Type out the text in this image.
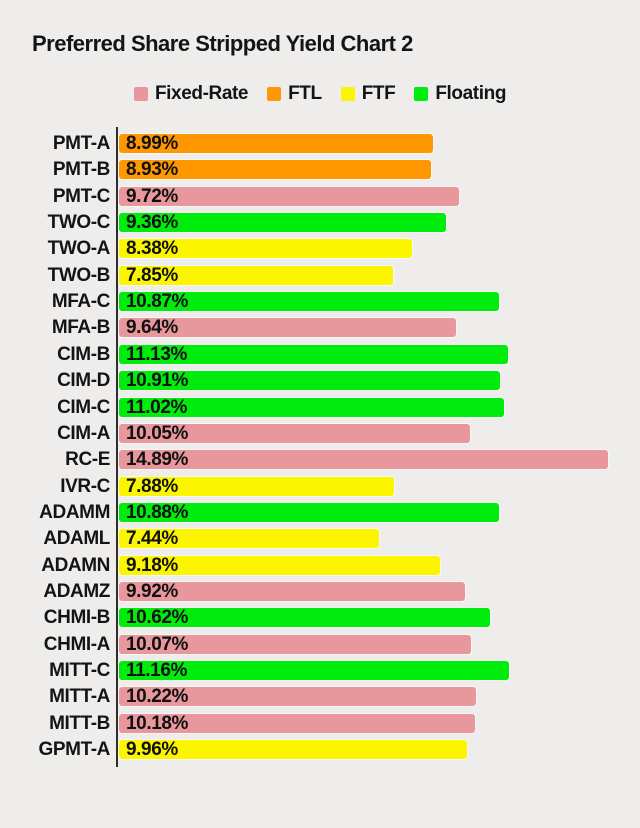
Preferred Share Stripped Yield Chart 2
Fixed-Rate FTL FTF Floating
PMT-A 8.99%
PMT-B 8.93%
PMT-C 9.72%
TWO-C 9.36%
TWO-A 8.38%
TWO-B 7.85%
MFA-C 10.87%
MFA-B 9.64%
CIM-B 11.13%
CIM-D 10.91%
CIM-C 11.02%
CIM-A 10.05%
RC-E 14.89%
IVR-C 7.88%
ADAMM 10.88%
ADAML 7.44%
ADAMN 9.18%
ADAMZ 9.92%
CHMI-B 10.62%
CHMI-A 10.07%
MITT-C 11.16%
MITT-A 10.22%
MITT-B 10.18%
GPMT-A 9.96%
